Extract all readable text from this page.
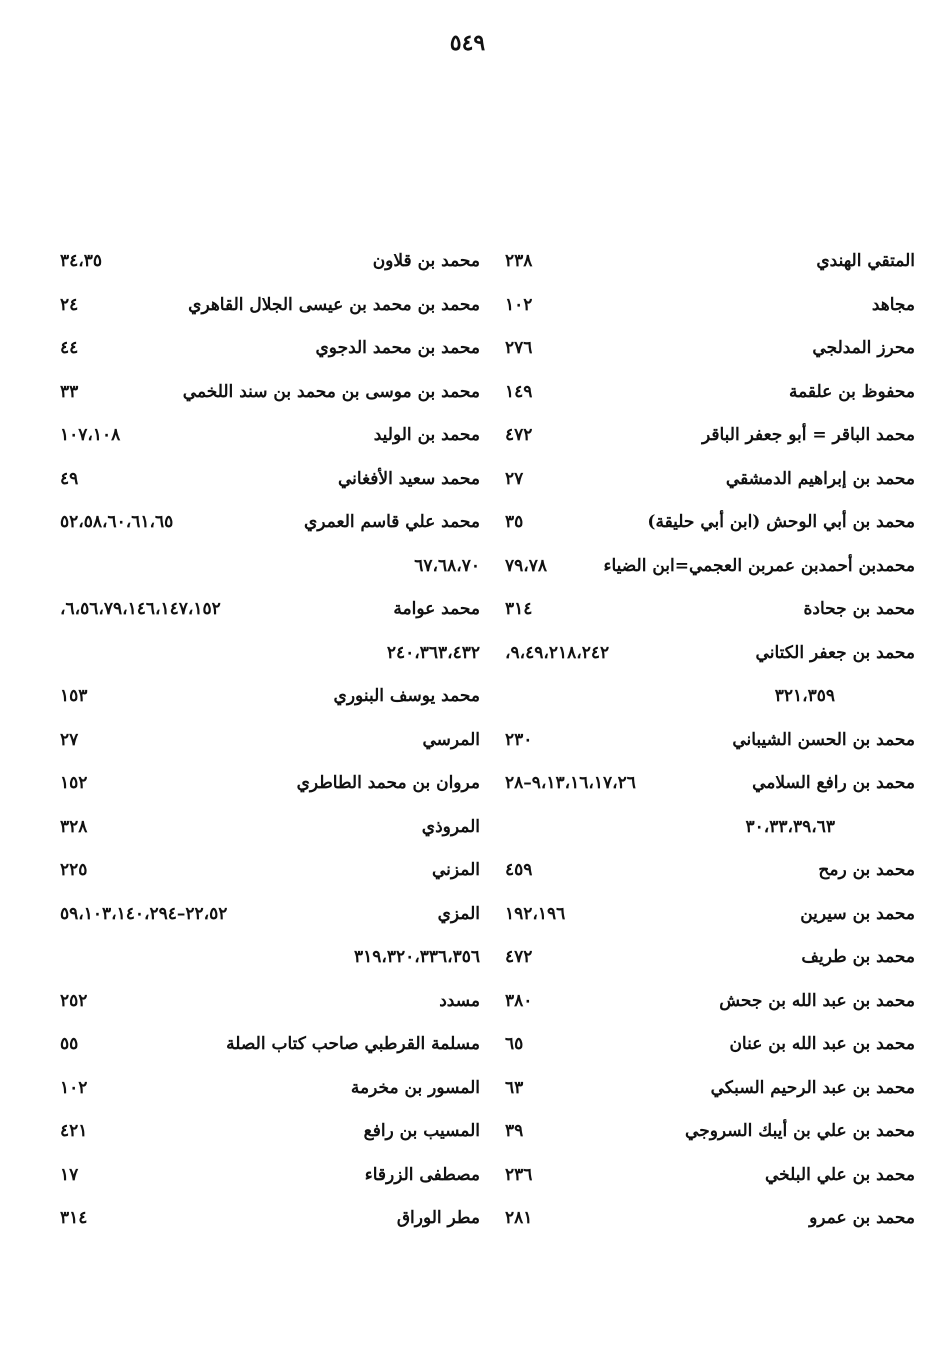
٥٤٩
المتقي الهندي
٢٣٨
مجاهد
١٠٢
محرز المدلجي
٢٧٦
محفوظ بن علقمة
١٤٩
محمد الباقر = أبو جعفر الباقر
٤٧٢
محمد بن إبراهيم الدمشقي
٢٧
محمد بن أبي الوحش (ابن أبي حليقة)
٣٥
محمدبن أحمدبن عمربن العجمي=ابن الضياء
٧٩،٧٨
محمد بن جحادة
٣١٤
محمد بن جعفر الكتاني
٩،٤٩،٢١٨،٢٤٢،
٣٢١،٣٥٩
محمد بن الحسن الشيباني
٢٣٠
محمد بن رافع السلامي
٩،١٣،١٦،١٧،٢٦–٢٨
٣٠،٣٣،٣٩،٦٣
محمد بن رمح
٤٥٩
محمد بن سيرين
١٩٢،١٩٦
محمد بن طريف
٤٧٢
محمد بن عبد الله بن جحش
٣٨٠
محمد بن عبد الله بن عنان
٦٥
محمد بن عبد الرحيم السبكي
٦٣
محمد بن علي بن أيبك السروجي
٣٩
محمد بن علي البلخي
٢٣٦
محمد بن عمرو
٢٨١
محمد بن قلاون
٣٤،٣٥
محمد بن محمد بن عيسى الجلال القاهري
٢٤
محمد بن محمد الدجوي
٤٤
محمد بن موسى بن محمد بن سند اللخمي
٣٣
محمد بن الوليد
١٠٧،١٠٨
محمد سعيد الأفغاني
٤٩
محمد علي قاسم العمري
٥٢،٥٨،٦٠،٦١،٦٥
٦٧،٦٨،٧٠
محمد عوامة
٦،٥٦،٧٩،١٤٦،١٤٧،١٥٢،
٢٤٠،٣٦٣،٤٣٢
محمد يوسف البنوري
١٥٣
المرسي
٢٧
مروان بن محمد الطاطري
١٥٢
المروذي
٣٢٨
المزني
٢٢٥
المزي
٢٢،٥٢–٥٩،١٠٣،١٤٠،٢٩٤
٣١٩،٣٢٠،٣٣٦،٣٥٦
مسدد
٢٥٢
مسلمة القرطبي صاحب كتاب الصلة
٥٥
المسور بن مخرمة
١٠٢
المسيب بن رافع
٤٢١
مصطفى الزرقاء
١٧
مطر الوراق
٣١٤
